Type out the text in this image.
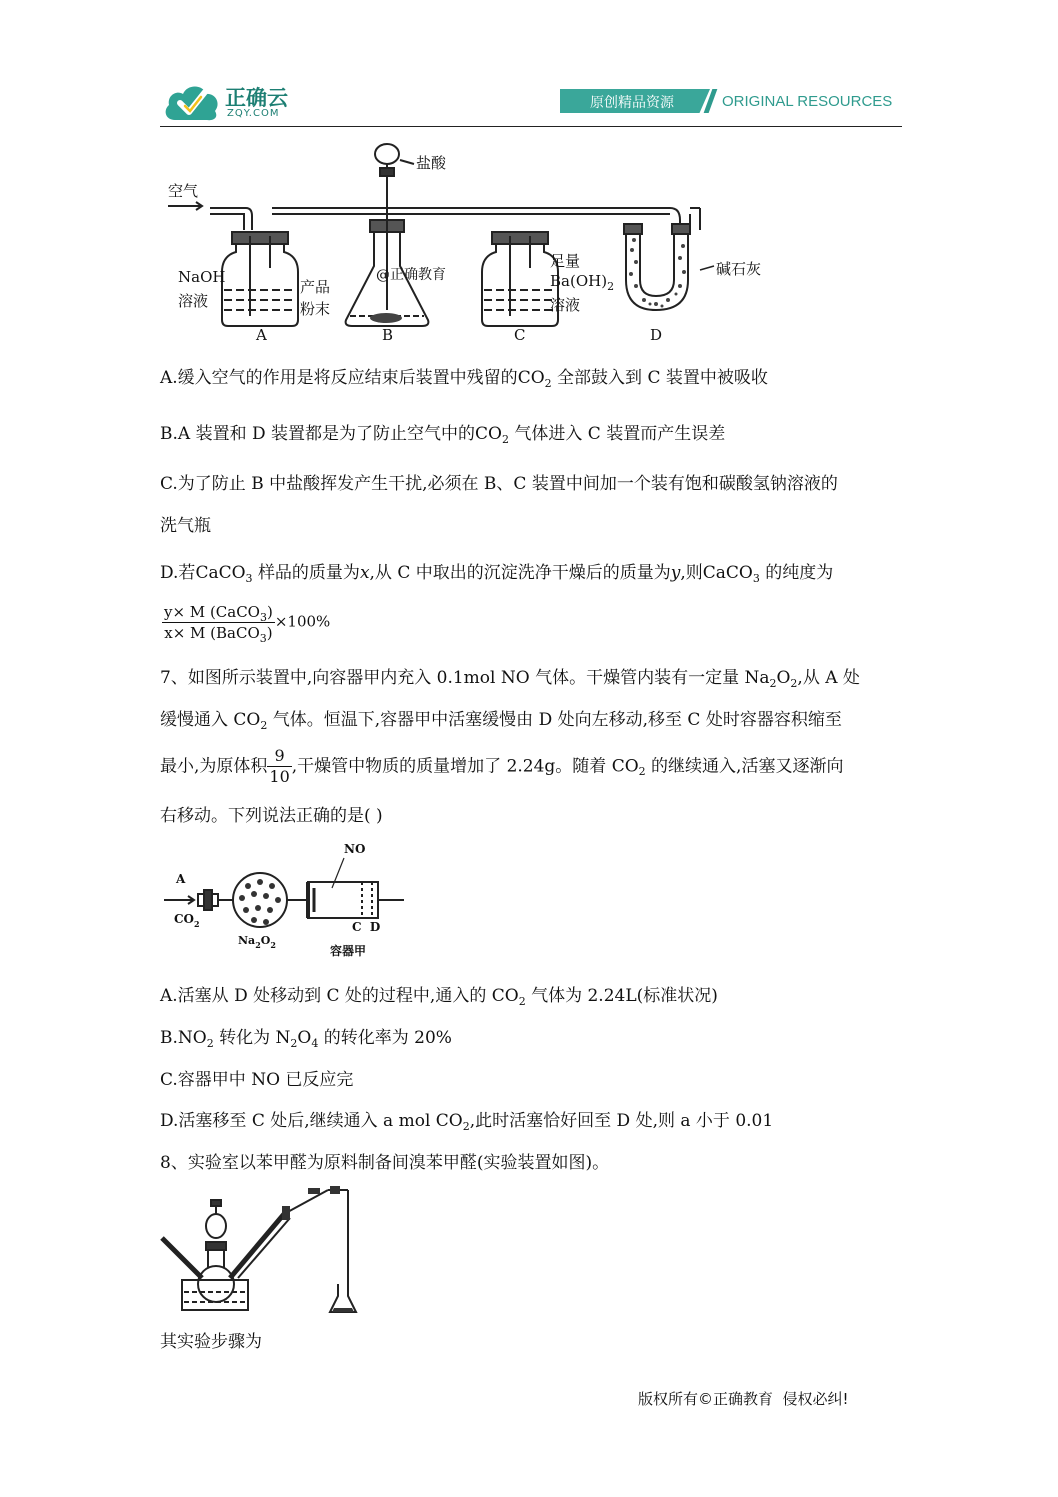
正确云
ZQY.COM
原创精品资源	ORIGINAL RESOURCES
空气
盐酸
NaOH
溶液
产品
粉末
@正确教育
足量
$Ba(OH)_2$
溶液
碱石灰
A	B	C	D
A.缓入空气的作用是将反应结束后装置中残留的$CO_2$ 全部鼓入到 C 装置中被吸收
B.A 装置和 D 装置都是为了防止空气中的$CO_2$ 气体进入 C 装置而产生误差
C.为了防止 B 中盐酸挥发产生干扰,必须在 B、C 装置中间加一个装有饱和碳酸氢钠溶液的
洗气瓶
D.若CaCO$_3$ 样品的质量为x,从 C 中取出的沉淀洗净干燥后的质量为y,则CaCO$_3$ 的纯度为
$\frac{y\times M (CaCO_3)}{x\times M (BaCO_3)} \times 100\%$
7、如图所示装置中,向容器甲内充入 0.1mol NO 气体。干燥管内装有一定量 $Na_2O_2$,从 A 处
缓慢通入 $CO_2$ 气体。恒温下,容器甲中活塞缓慢由 D 处向左移动,移至 C 处时容器容积缩至
最小,为原体积 $\frac{9}{10}$ ,干燥管中物质的质量增加了 2.24g。随着 $CO_2$ 的继续通入,活塞又逐渐向
右移动。下列说法正确的是( )
A
$CO_2$
NO
$Na_2O_2$
C  D
容器甲
A.活塞从 D 处移动到 C 处的过程中,通入的 $CO_2$ 气体为 2.24L(标准状况)
$B.NO_2$ 转化为 $N_2O_4$ 的转化率为 20%
C.容器甲中 NO 已反应完
D.活塞移至 C 处后,继续通入 a mol $CO_2$,此时活塞恰好回至 D 处,则 a 小于 0.01
8、实验室以苯甲醛为原料制备间溴苯甲醛(实验装置如图)。
其实验步骤为
版权所有©正确教育  侵权必纠!
